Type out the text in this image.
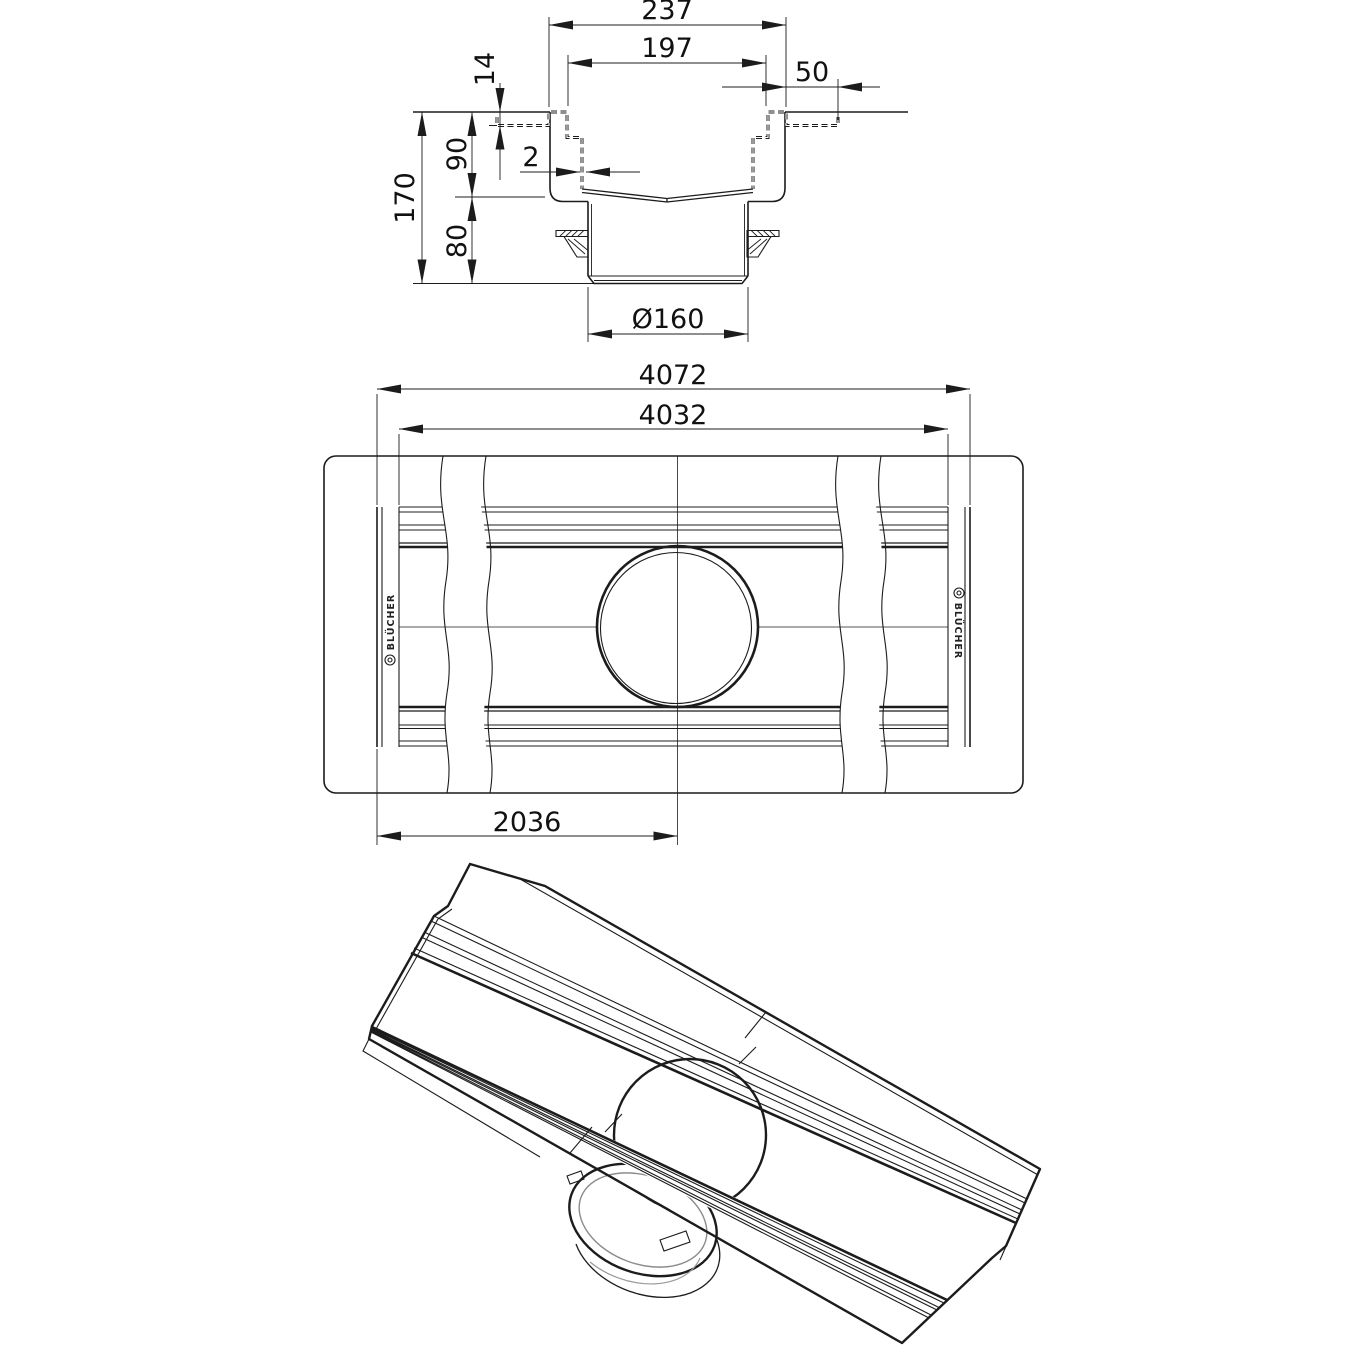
237
197
50
14
170
90
80
2
Ø160
BLÜCHER	BLÜCHER
4072
4032
2036
